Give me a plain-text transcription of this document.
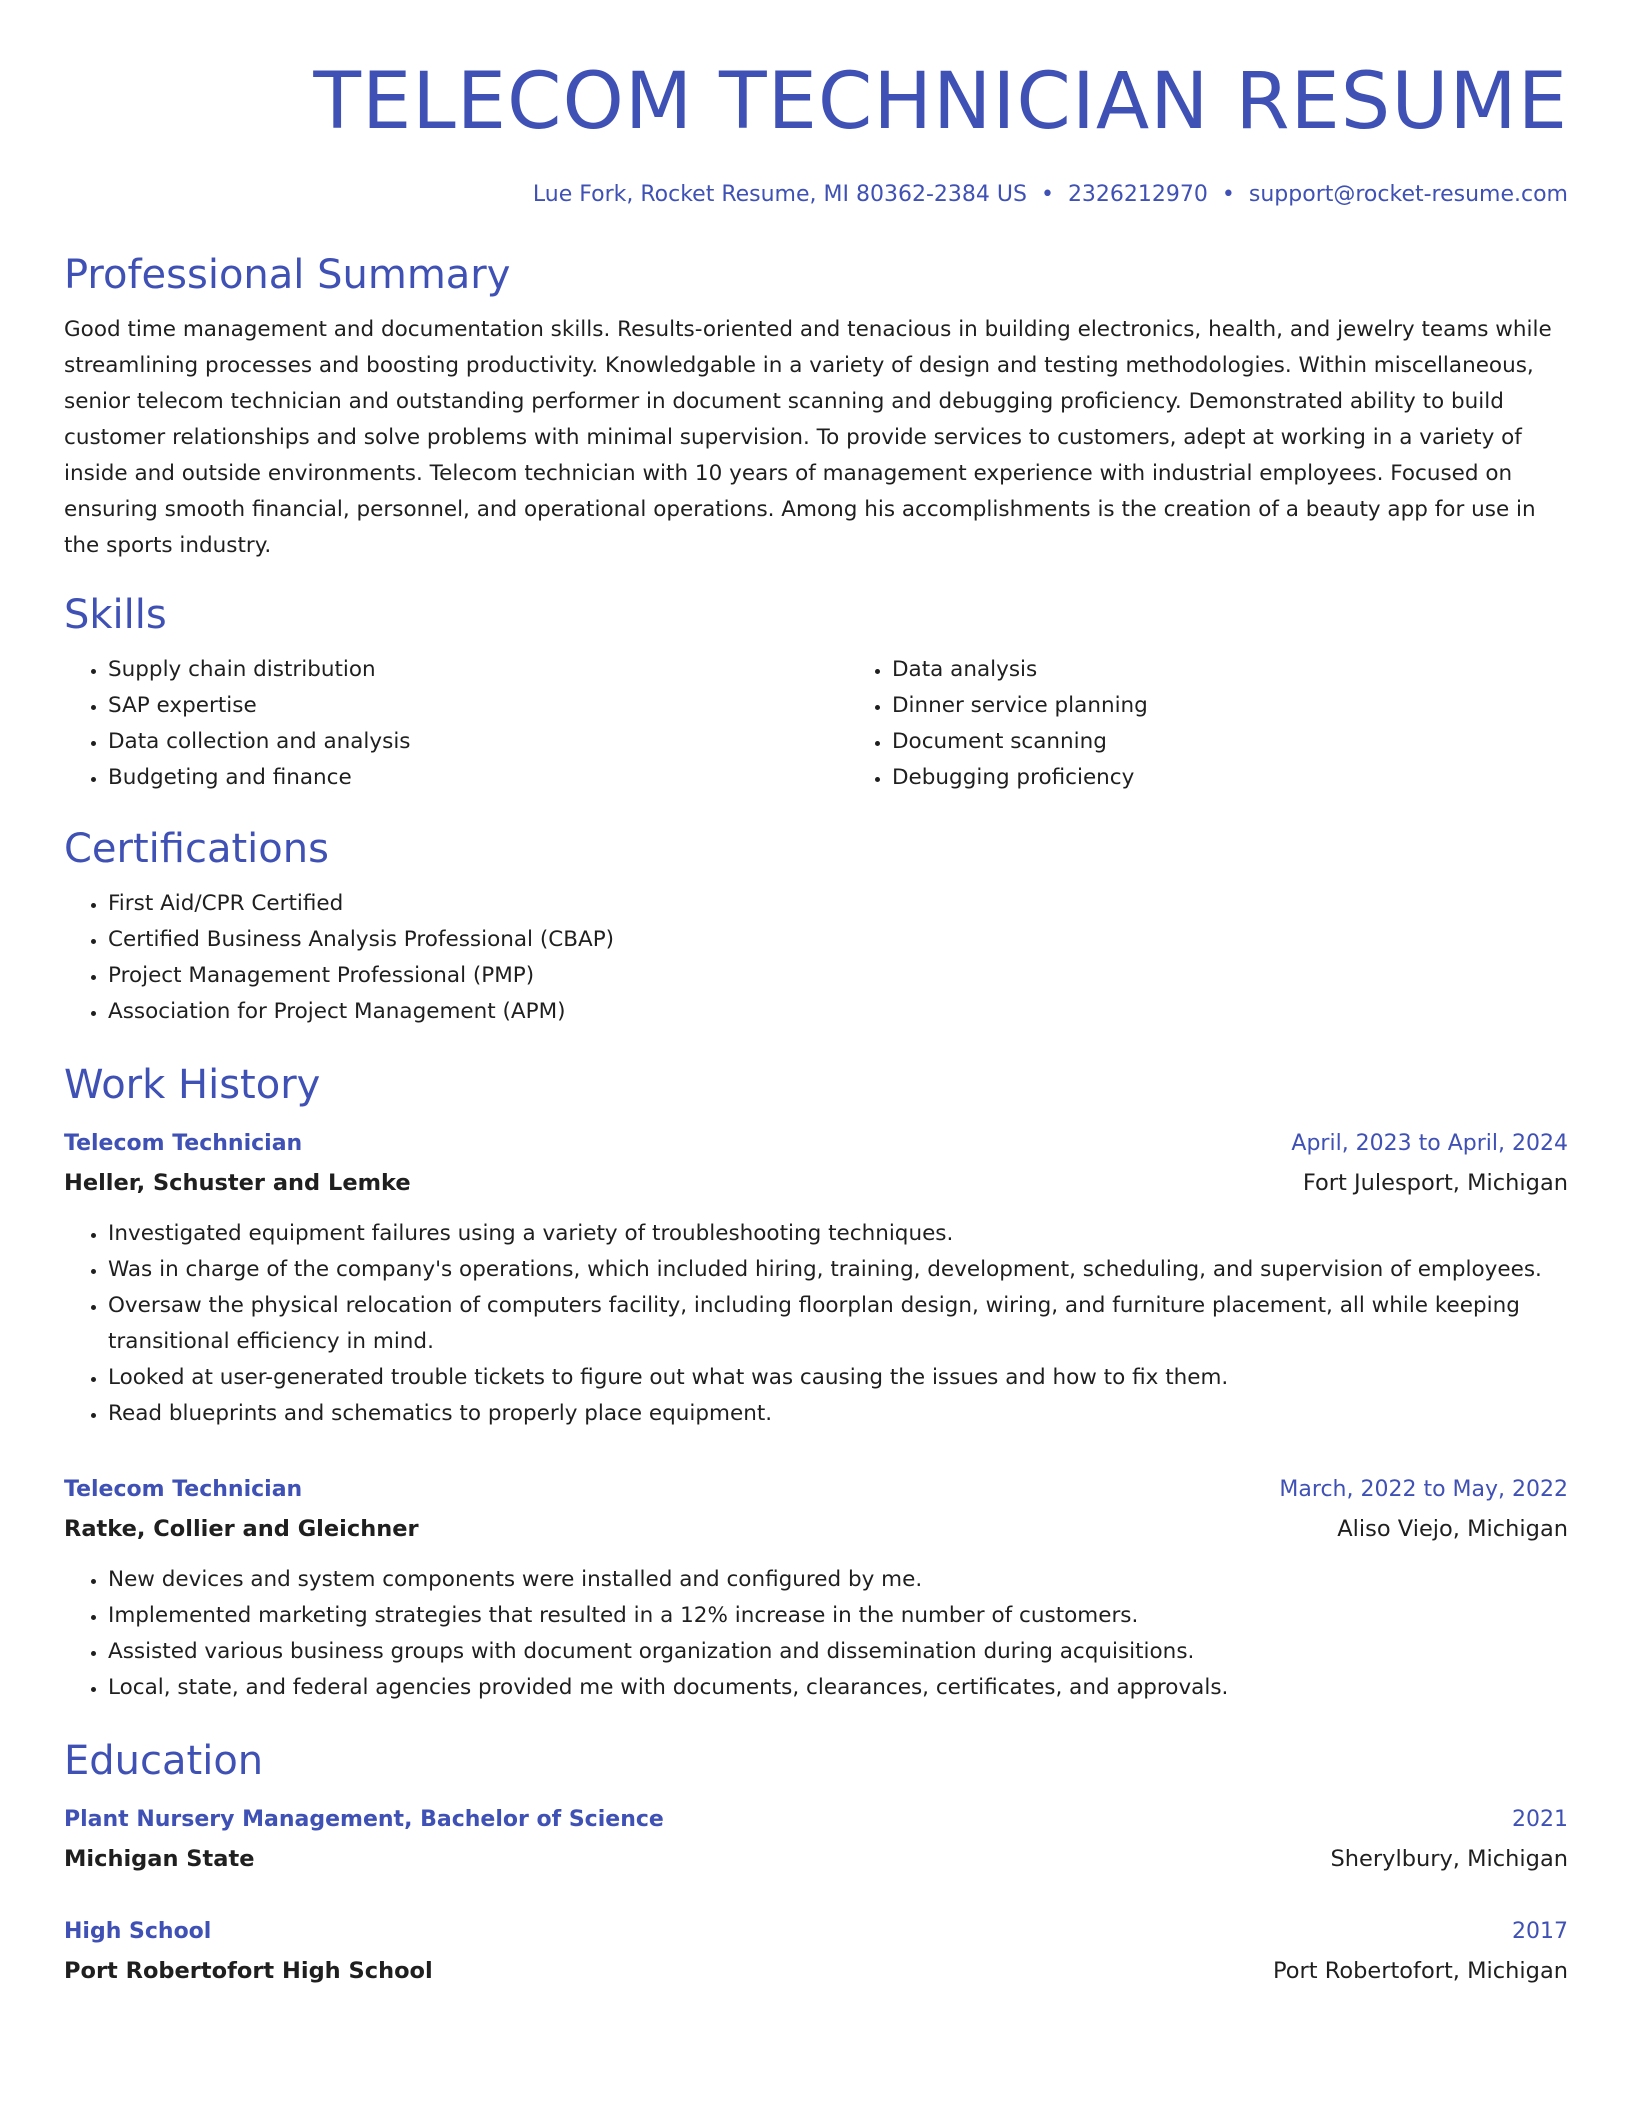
TELECOM TECHNICIAN RESUME
Lue Fork, Rocket Resume, MI 80362-2384 US • 2326212970 • support@rocket-resume.com
Professional Summary

Good time management and documentation skills. Results-oriented and tenacious in building electronics, health, and jewelry teams while streamlining processes and boosting productivity. Knowledgable in a variety of design and testing methodologies. Within miscellaneous, senior telecom technician and outstanding performer in document scanning and debugging proficiency. Demonstrated ability to build customer relationships and solve problems with minimal supervision. To provide services to customers, adept at working in a variety of inside and outside environments. Telecom technician with 10 years of management experience with industrial employees. Focused on ensuring smooth financial, personnel, and operational operations. Among his accomplishments is the creation of a beauty app for use in the sports industry.

Skills
• Supply chain distribution
• SAP expertise
• Data collection and analysis
• Budgeting and finance
• Data analysis
• Dinner service planning
• Document scanning
• Debugging proficiency
Certifications
• First Aid/CPR Certified
• Certified Business Analysis Professional (CBAP)
• Project Management Professional (PMP)
• Association for Project Management (APM)
Work History
Telecom Technician	April, 2023 to April, 2024
Heller, Schuster and Lemke	Fort Julesport, Michigan
• Investigated equipment failures using a variety of troubleshooting techniques.
• Was in charge of the company's operations, which included hiring, training, development, scheduling, and supervision of employees.
• Oversaw the physical relocation of computers facility, including floorplan design, wiring, and furniture placement, all while keeping transitional efficiency in mind.
• Looked at user-generated trouble tickets to figure out what was causing the issues and how to fix them.
• Read blueprints and schematics to properly place equipment.
Telecom Technician	March, 2022 to May, 2022
Ratke, Collier and Gleichner	Aliso Viejo, Michigan
• New devices and system components were installed and configured by me.
• Implemented marketing strategies that resulted in a 12% increase in the number of customers.
• Assisted various business groups with document organization and dissemination during acquisitions.
• Local, state, and federal agencies provided me with documents, clearances, certificates, and approvals.
Education
Plant Nursery Management, Bachelor of Science	2021
Michigan State	Sherylbury, Michigan
High School	2017
Port Robertofort High School	Port Robertofort, Michigan
